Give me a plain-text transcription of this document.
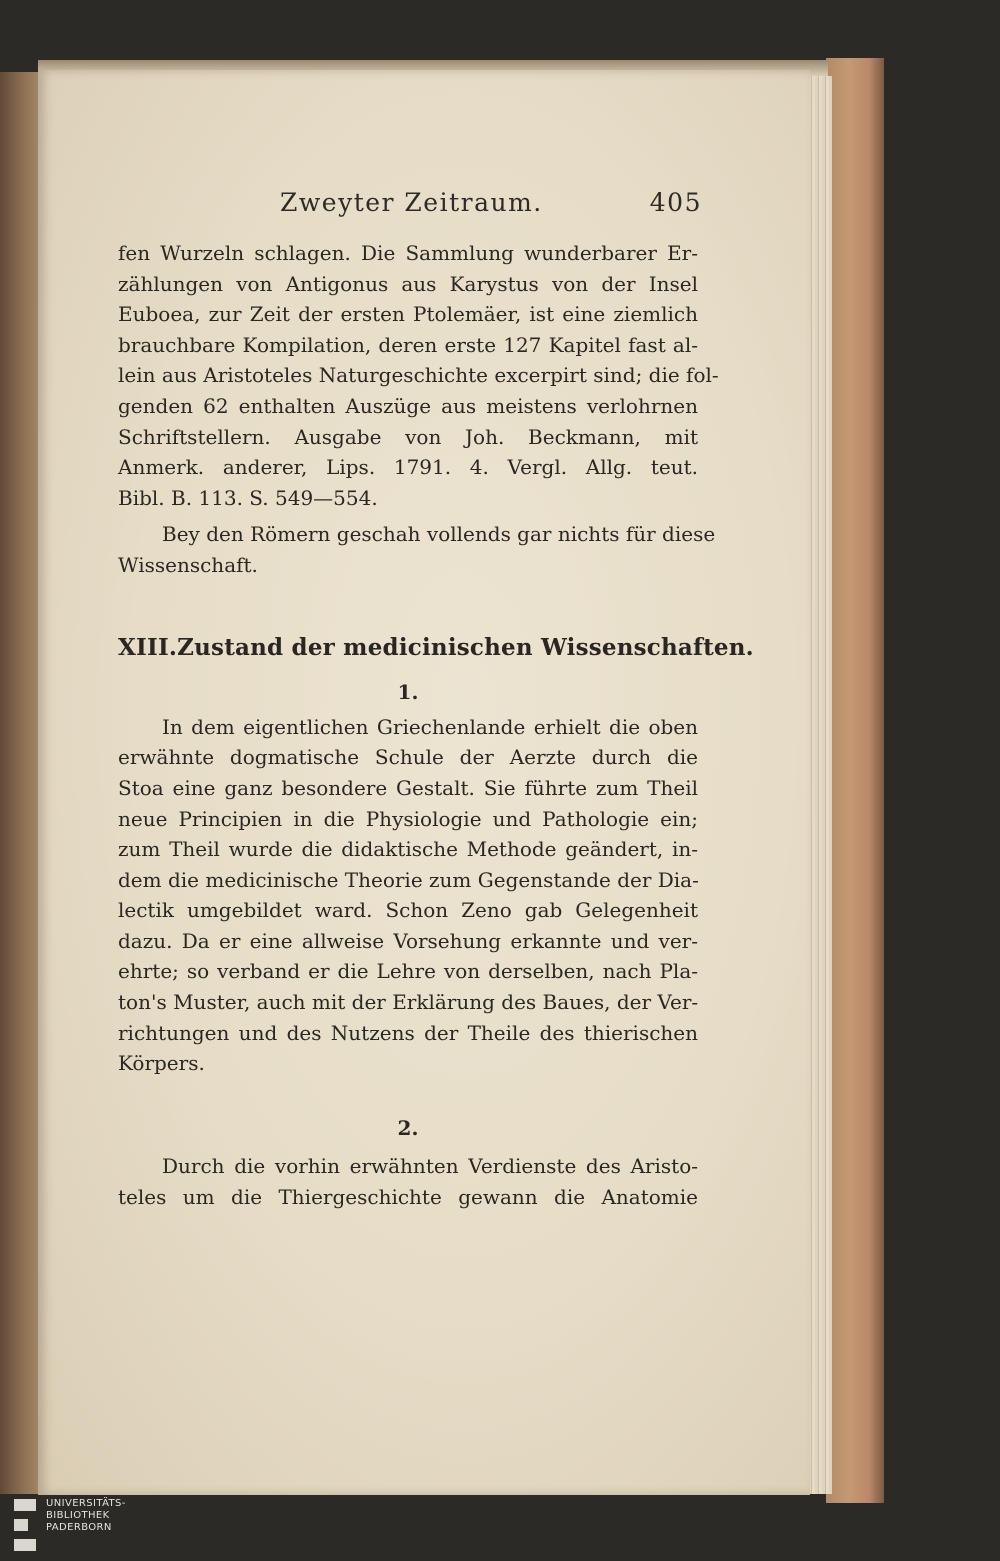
Zweyter Zeitraum.	405
fen Wurzeln schlagen. Die Sammlung wunderbarer Er-
zählungen von Antigonus aus Karystus von der Insel
Euboea, zur Zeit der ersten Ptolemäer, ist eine ziemlich
brauchbare Kompilation, deren erste 127 Kapitel fast al-
lein aus Aristoteles Naturgeschichte excerpirt sind; die fol-
genden 62 enthalten Auszüge aus meistens verlohrnen
Schriftstellern. Ausgabe von Joh. Beckmann, mit
Anmerk. anderer, Lips. 1791. 4. Vergl. Allg. teut.
Bibl. B. 113. S. 549—554.
Bey den Römern geschah vollends gar nichts für diese
Wissenschaft.
XIII. Zustand der medicinischen Wissenschaften.
1.
In dem eigentlichen Griechenlande erhielt die oben
erwähnte dogmatische Schule der Aerzte durch die
Stoa eine ganz besondere Gestalt. Sie führte zum Theil
neue Principien in die Physiologie und Pathologie ein;
zum Theil wurde die didaktische Methode geändert, in-
dem die medicinische Theorie zum Gegenstande der Dia-
lectik umgebildet ward. Schon Zeno gab Gelegenheit
dazu. Da er eine allweise Vorsehung erkannte und ver-
ehrte; so verband er die Lehre von derselben, nach Pla-
ton's Muster, auch mit der Erklärung des Baues, der Ver-
richtungen und des Nutzens der Theile des thierischen
Körpers.
2.
Durch die vorhin erwähnten Verdienste des Aristo-
teles um die Thiergeschichte gewann die Anatomie
UNIVERSITÄTS-
BIBLIOTHEK
PADERBORN
